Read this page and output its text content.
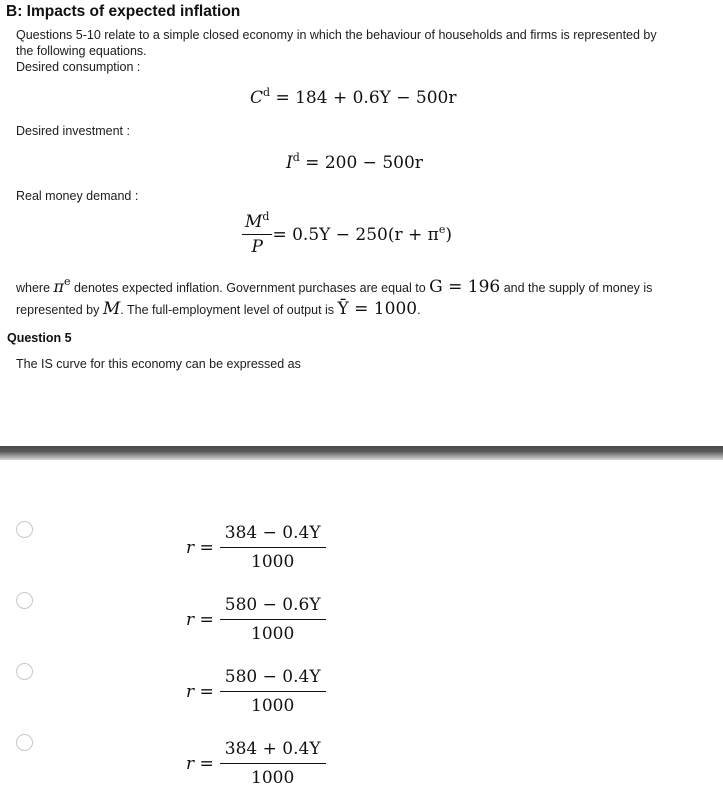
B: Impacts of expected inflation
Questions 5-10 relate to a simple closed economy in which the behaviour of households and firms is represented by
the following equations.
Desired consumption :
$C^d = 184 + 0.6Y - 500r$
Desired investment :
$I^d = 200 - 500r$
Real money demand :
$\frac{M^d}{P} = 0.5Y - 250(r + \pi^e)$
where $\pi^e$ denotes expected inflation. Government purchases are equal to G = 196 and the supply of money is
represented by M. The full-employment level of output is Ȳ = 1000.
Question 5
The IS curve for this economy can be expressed as
$r = \frac{384 - 0.4Y}{1000}$
$r = \frac{580 - 0.6Y}{1000}$
$r = \frac{580 - 0.4Y}{1000}$
$r = \frac{384 + 0.4Y}{1000}$
